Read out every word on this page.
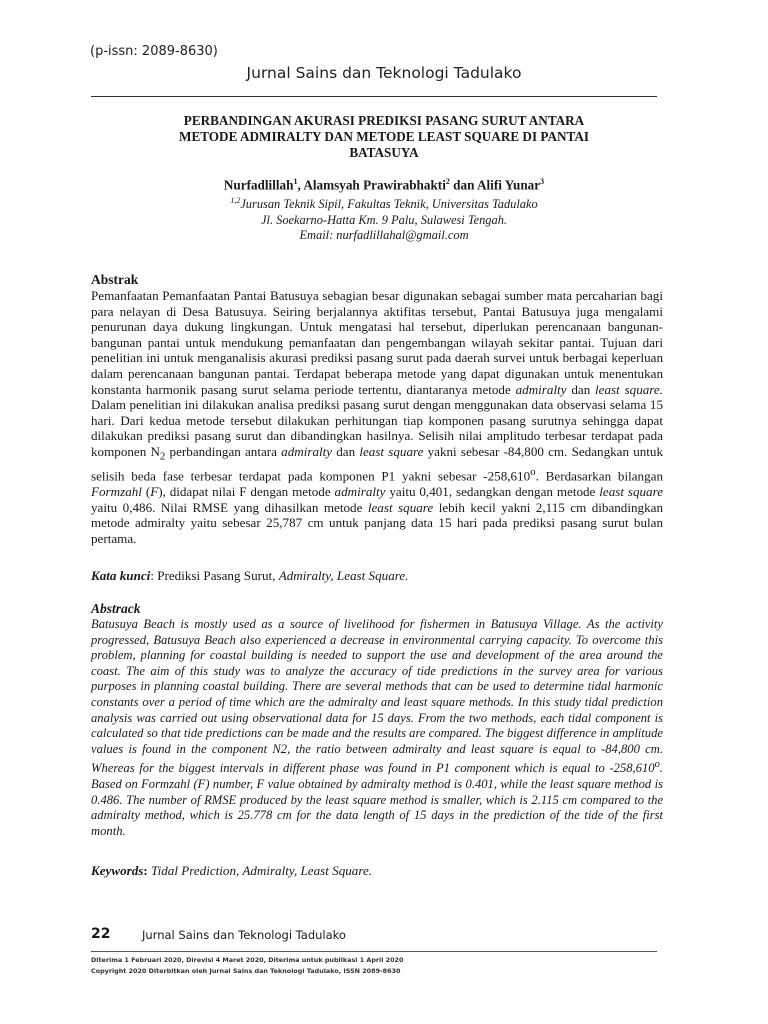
(p-issn: 2089-8630)
Jurnal Sains dan Teknologi Tadulako
PERBANDINGAN AKURASI PREDIKSI PASANG SURUT ANTARA
METODE ADMIRALTY DAN METODE LEAST SQUARE DI PANTAI
BATASUYA
Nurfadlillah$^1$, Alamsyah Prawirabhakti$^2$ dan Alifi Yunar$^3$
$^{1,2}$Jurusan Teknik Sipil, Fakultas Teknik, Universitas Tadulako
Jl. Soekarno-Hatta Km. 9 Palu, Sulawesi Tengah.
Email: nurfadlillahal@gmail.com
Abstrak

Pemanfaatan Pemanfaatan Pantai Batusuya sebagian besar digunakan sebagai sumber mata percaharian bagi para nelayan di Desa Batusuya. Seiring berjalannya aktifitas tersebut, Pantai Batusuya juga mengalami penurunan daya dukung lingkungan. Untuk mengatasi hal tersebut, diperlukan perencanaan bangunan-bangunan pantai untuk mendukung pemanfaatan dan pengembangan wilayah sekitar pantai. Tujuan dari penelitian ini untuk menganalisis akurasi prediksi pasang surut pada daerah survei untuk berbagai keperluan dalam perencanaan bangunan pantai. Terdapat beberapa metode yang dapat digunakan untuk menentukan konstanta harmonik pasang surut selama periode tertentu, diantaranya metode admiralty dan least square. Dalam penelitian ini dilakukan analisa prediksi pasang surut dengan menggunakan data observasi selama 15 hari. Dari kedua metode tersebut dilakukan perhitungan tiap komponen pasang surutnya sehingga dapat dilakukan prediksi pasang surut dan dibandingkan hasilnya. Selisih nilai amplitudo terbesar terdapat pada komponen $N_2$ perbandingan antara admiralty dan least square yakni sebesar -84,800 cm. Sedangkan untuk selisih beda fase terbesar terdapat pada komponen P1 yakni sebesar -258,610$^o$. Berdasarkan bilangan Formzahl (F), didapat nilai F dengan metode admiralty yaitu 0,401, sedangkan dengan metode least square yaitu 0,486. Nilai RMSE yang dihasilkan metode least square lebih kecil yakni 2,115 cm dibandingkan metode admiralty yaitu sebesar 25,787 cm untuk panjang data 15 hari pada prediksi pasang surut bulan pertama.

Kata kunci: Prediksi Pasang Surut, Admiralty, Least Square.
Abstrack

Batusuya Beach is mostly used as a source of livelihood for fishermen in Batusuya Village. As the activity progressed, Batusuya Beach also experienced a decrease in environmental carrying capacity. To overcome this problem, planning for coastal building is needed to support the use and development of the area around the coast. The aim of this study was to analyze the accuracy of tide predictions in the survey area for various purposes in planning coastal building. There are several methods that can be used to determine tidal harmonic constants over a period of time which are the admiralty and least square methods. In this study tidal prediction analysis was carried out using observational data for 15 days. From the two methods, each tidal component is calculated so that tide predictions can be made and the results are compared. The biggest difference in amplitude values is found in the component N2, the ratio between admiralty and least square is equal to -84,800 cm. Whereas for the biggest intervals in different phase was found in P1 component which is equal to -258,610$^o$. Based on Formzahl (F) number, F value obtained by admiralty method is 0.401, while the least square method is 0.486. The number of RMSE produced by the least square method is smaller, which is 2.115 cm compared to the admiralty method, which is 25.778 cm for the data length of 15 days in the prediction of the tide of the first month.

Keywords: Tidal Prediction, Admiralty, Least Square.
22	Jurnal Sains dan Teknologi Tadulako
Diterima 1 Februari 2020, Direvisi 4 Maret 2020, Diterima untuk publikasi 1 April 2020
Copyright 2020 Diterbitkan oleh Jurnal Sains dan Teknologi Tadulako, ISSN 2089-8630
